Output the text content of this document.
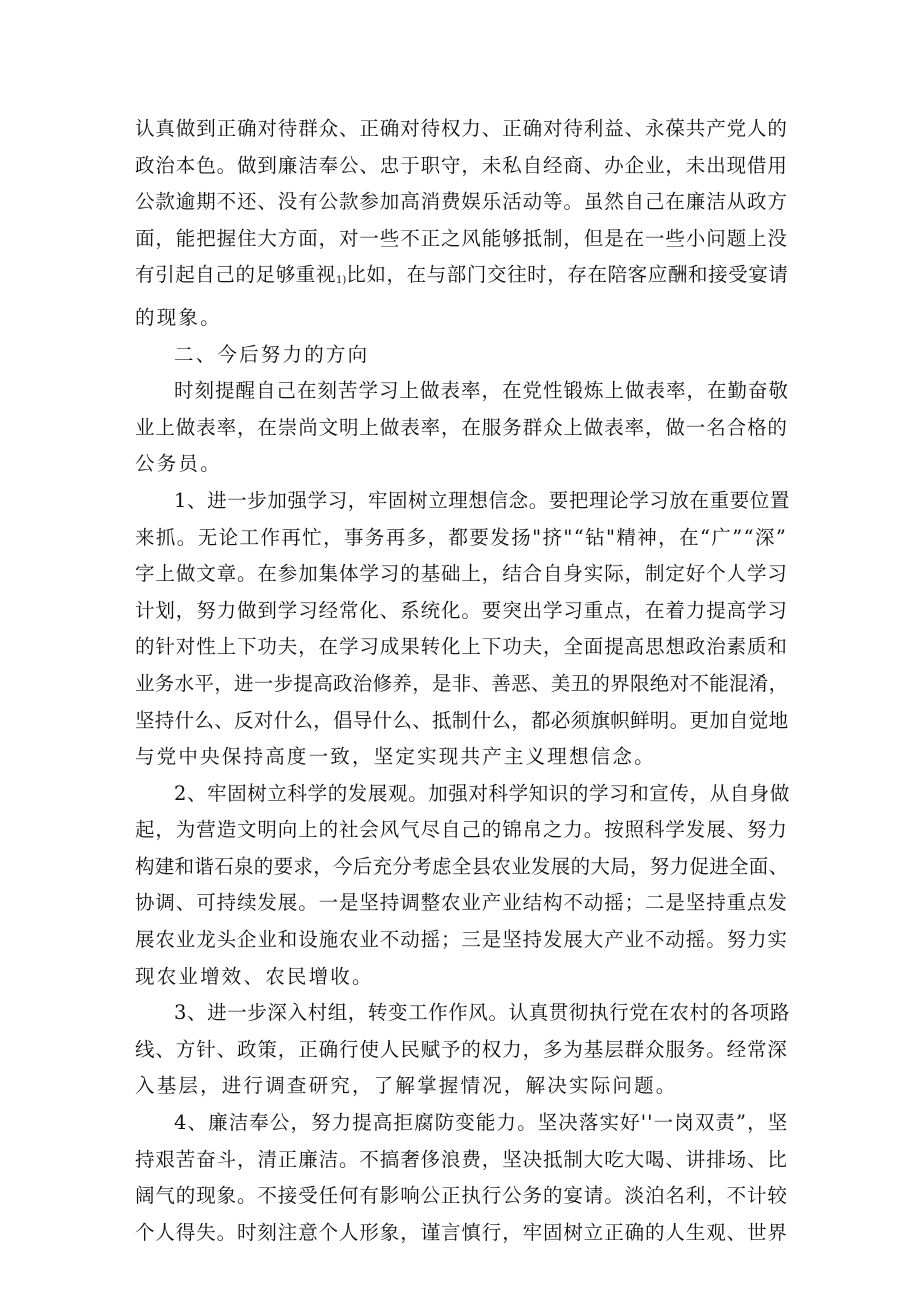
认真做到正确对待群众、正确对待权力、正确对待利益、永葆共产党人的
政治本色。做到廉洁奉公、忠于职守，未私自经商、办企业，未出现借用
公款逾期不还、没有公款参加高消费娱乐活动等。虽然自己在廉洁从政方
面，能把握住大方面，对一些不正之风能够抵制，但是在一些小问题上没
有引起自己的足够重视$_{1)}$比如，在与部门交往时，存在陪客应酬和接受宴请
的现象。
二、今后努力的方向
时刻提醒自己在刻苦学习上做表率，在党性锻炼上做表率，在勤奋敬
业上做表率，在崇尚文明上做表率，在服务群众上做表率，做一名合格的
公务员。
1、进一步加强学习，牢固树立理想信念。要把理论学习放在重要位置
来抓。无论工作再忙，事务再多，都要发扬"挤"“钻"精神，在“广”“深”
字上做文章。在参加集体学习的基础上，结合自身实际，制定好个人学习
计划，努力做到学习经常化、系统化。要突出学习重点，在着力提高学习
的针对性上下功夫，在学习成果转化上下功夫，全面提高思想政治素质和
业务水平，进一步提高政治修养，是非、善恶、美丑的界限绝对不能混淆，
坚持什么、反对什么，倡导什么、抵制什么，都必须旗帜鲜明。更加自觉地
与党中央保持高度一致，坚定实现共产主义理想信念。
2、牢固树立科学的发展观。加强对科学知识的学习和宣传，从自身做
起，为营造文明向上的社会风气尽自己的锦帛之力。按照科学发展、努力
构建和谐石泉的要求，今后充分考虑全县农业发展的大局，努力促进全面、
协调、可持续发展。一是坚持调整农业产业结构不动摇；二是坚持重点发
展农业龙头企业和设施农业不动摇；三是坚持发展大产业不动摇。努力实
现农业增效、农民增收。
3、进一步深入村组，转变工作作风。认真贯彻执行党在农村的各项路
线、方针、政策，正确行使人民赋予的权力，多为基层群众服务。经常深
入基层，进行调查研究，了解掌握情况，解决实际问题。
4、廉洁奉公，努力提高拒腐防变能力。坚决落实好''一岗双责”，坚
持艰苦奋斗，清正廉洁。不搞奢侈浪费，坚决抵制大吃大喝、讲排场、比
阔气的现象。不接受任何有影响公正执行公务的宴请。淡泊名利，不计较
个人得失。时刻注意个人形象，谨言慎行，牢固树立正确的人生观、世界
